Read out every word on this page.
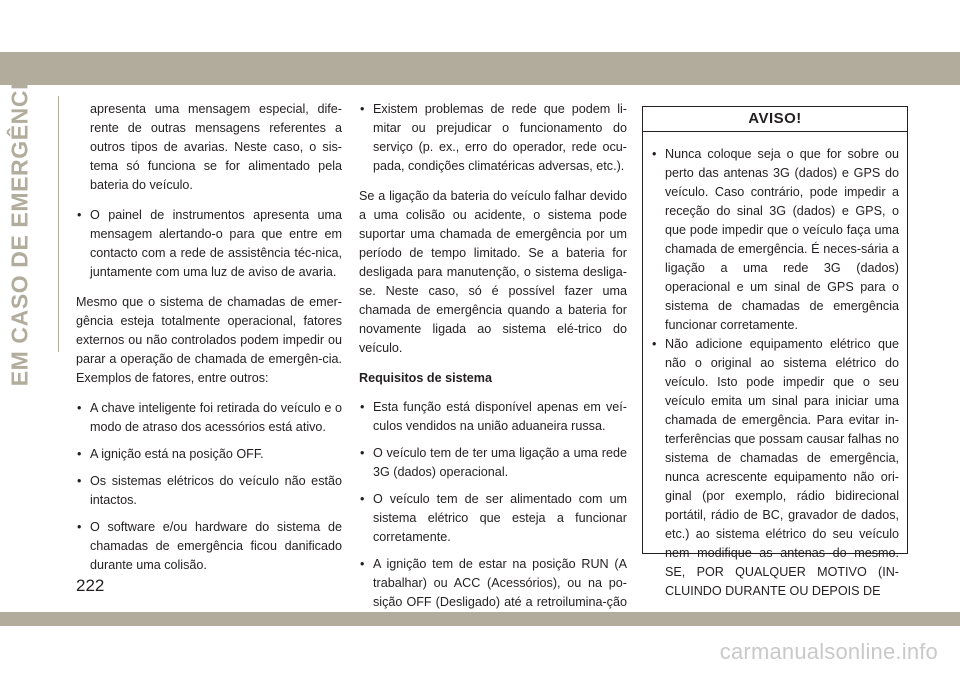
EM CASO DE EMERGÊNCIA	apresenta uma mensagem especial, dife-rente de outras mensagens referentes a outros tipos de avarias. Neste caso, o sis-tema só funciona se for alimentado pela bateria do veículo.

• O painel de instrumentos apresenta uma mensagem alertando-o para que entre em contacto com a rede de assistência téc-nica, juntamente com uma luz de aviso de avaria.

Mesmo que o sistema de chamadas de emer-gência esteja totalmente operacional, fatores externos ou não controlados podem impedir ou parar a operação de chamada de emergên-cia. Exemplos de fatores, entre outros:

• A chave inteligente foi retirada do veículo e o modo de atraso dos acessórios está ativo.
• A ignição está na posição OFF.
• Os sistemas elétricos do veículo não estão intactos.
• O software e/ou hardware do sistema de chamadas de emergência ficou danificado durante uma colisão.
• Existem problemas de rede que podem li-mitar ou prejudicar o funcionamento do serviço (p. ex., erro do operador, rede ocu-pada, condições climatéricas adversas, etc.).

Se a ligação da bateria do veículo falhar devido a uma colisão ou acidente, o sistema pode suportar uma chamada de emergência por um período de tempo limitado. Se a bateria for desligada para manutenção, o sistema desliga-se. Neste caso, só é possível fazer uma chamada de emergência quando a bateria for novamente ligada ao sistema elé-trico do veículo.

Requisitos de sistema
• Esta função está disponível apenas em veí-culos vendidos na união aduaneira russa.
• O veículo tem de ter uma ligação a uma rede 3G (dados) operacional.
• O veículo tem de ser alimentado com um sistema elétrico que esteja a funcionar corretamente.
• A ignição tem de estar na posição RUN (A trabalhar) ou ACC (Acessórios), ou na po-sição OFF (Desligado) até a retroilumina-ção
AVISO!
• Nunca coloque seja o que for sobre ou perto das antenas 3G (dados) e GPS do veículo. Caso contrário, pode impedir a receção do sinal 3G (dados) e GPS, o que pode impedir que o veículo faça uma chamada de emergência. É neces-sária a ligação a uma rede 3G (dados) operacional e um sinal de GPS para o sistema de chamadas de emergência funcionar corretamente.
• Não adicione equipamento elétrico que não o original ao sistema elétrico do veículo. Isto pode impedir que o seu veículo emita um sinal para iniciar uma chamada de emergência. Para evitar in-terferências que possam causar falhas no sistema de chamadas de emergência, nunca acrescente equipamento não ori-ginal (por exemplo, rádio bidirecional portátil, rádio de BC, gravador de dados, etc.) ao sistema elétrico do seu veículo nem modifique as antenas do mesmo. SE, POR QUALQUER MOTIVO (IN-CLUINDO DURANTE OU DEPOIS DE
222
carmanualsonline.info
